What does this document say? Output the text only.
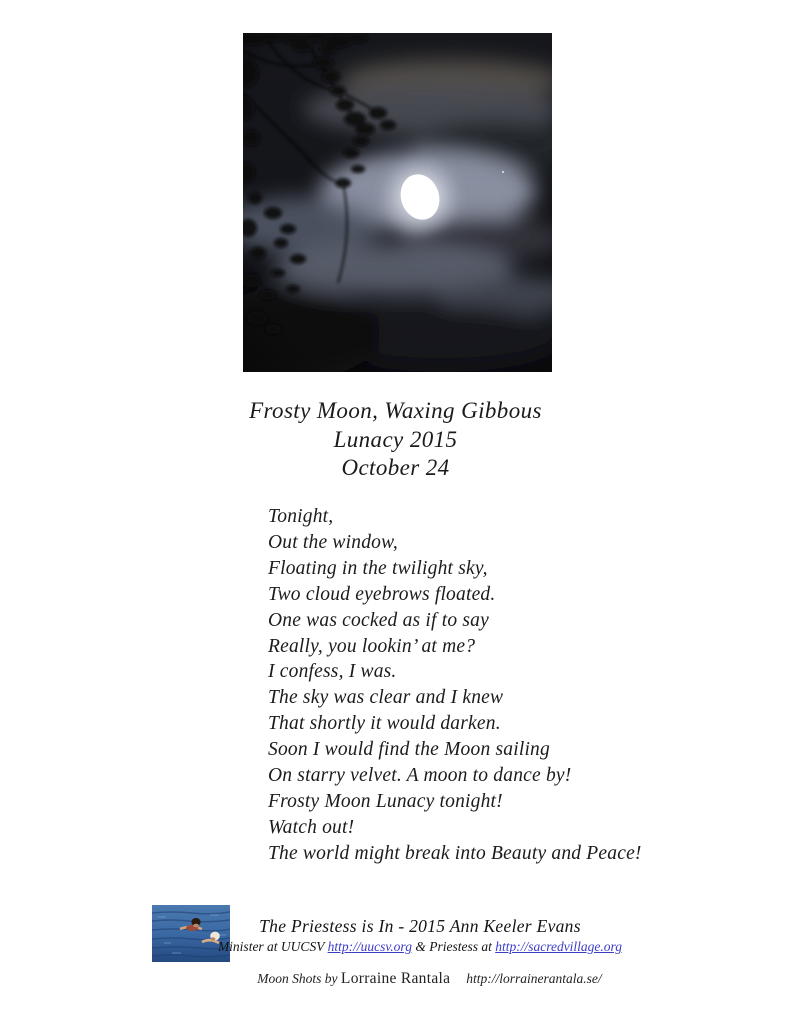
Frosty Moon, Waxing Gibbous
Lunacy 2015
October 24
Tonight,
Out the window,
Floating in the twilight sky,
Two cloud eyebrows floated.
One was cocked as if to say
Really, you lookin’ at me?
I confess, I was.
The sky was clear and I knew
That shortly it would darken.
Soon I would find the Moon sailing
On starry velvet. A moon to dance by!
Frosty Moon Lunacy tonight!
Watch out!
The world might break into Beauty and Peace!
The Priestess is In - 2015 Ann Keeler Evans
Minister at UUCSV http://uucsv.org & Priestess at http://sacredvillage.org
Moon Shots by Lorraine Rantala http://lorrainerantala.se/
